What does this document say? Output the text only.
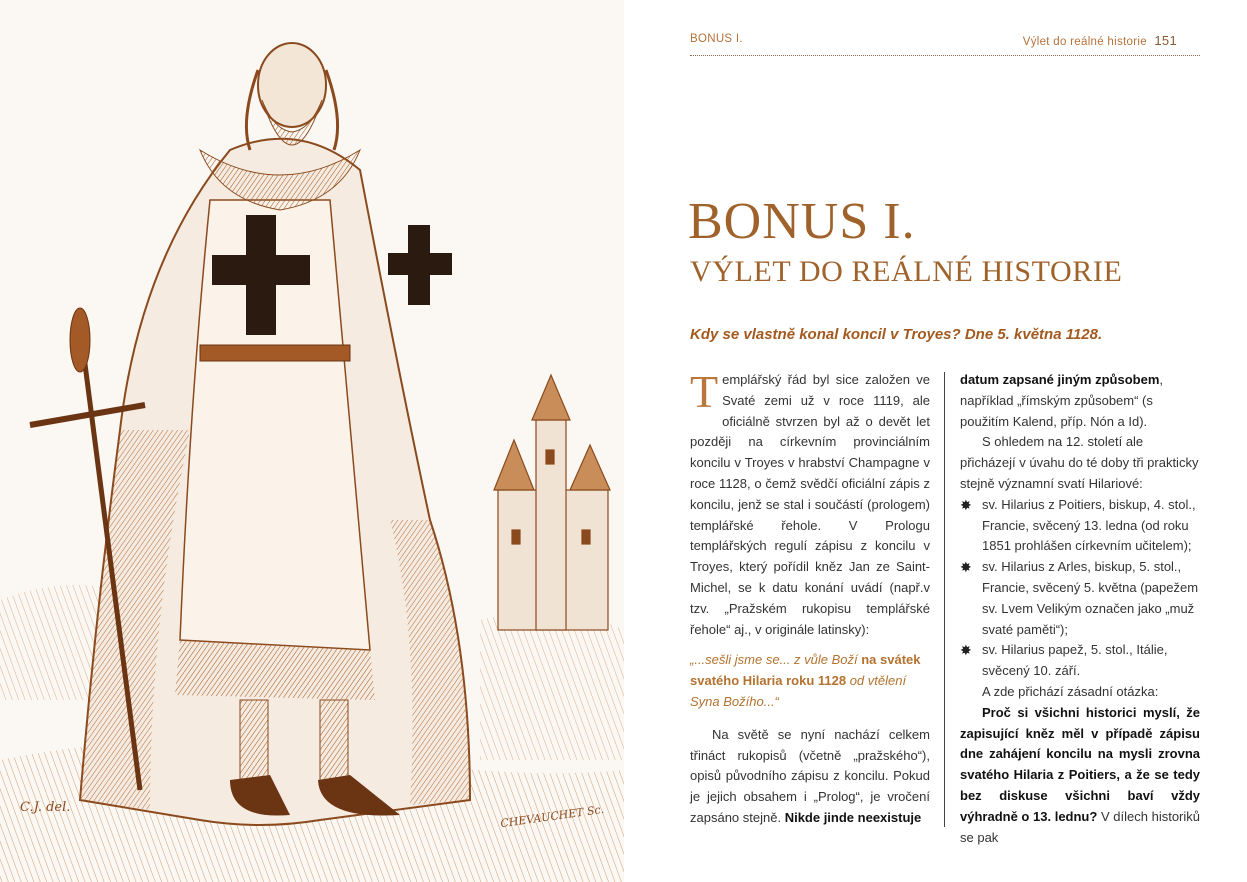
C.J. del.	CHEVAUCHET Sc.
BONUS I.	Výlet do reálné historie 151
BONUS I.
VÝLET DO REÁLNÉ HISTORIE
Kdy se vlastně konal koncil v Troyes? Dne 5. května 1128.

Templářský řád byl sice založen ve Svaté zemi už v roce 1119, ale oficiálně stvrzen byl až o devět let později na církevním provinciálním koncilu v Troyes v hrabství Champagne v roce 1128, o čemž svědčí oficiální zápis z koncilu, jenž se stal i součástí (prologem) templářské řehole. V Prologu templářských regulí zápisu z koncilu v Troyes, který pořídil kněz Jan ze Saint-Michel, se k datu konání uvádí (např.v tzv. „Pražském rukopisu templářské řehole“ aj., v originále latinsky):

„...sešli jsme se... z vůle Boží na svátek svatého Hilaria roku 1128 od vtělení Syna Božího...“

Na světě se nyní nachází celkem třináct rukopisů (včetně „pražského“), opisů původního zápisu z koncilu. Pokud je jejich obsahem i „Prolog“, je vročení zapsáno stejně. Nikde jinde neexistuje

datum zapsané jiným způsobem, například „římským způsobem“ (s použitím Kalend, příp. Nón a Id).

S ohledem na 12. století ale přicházejí v úvahu do té doby tři prakticky stejně významní svatí Hilariové:

✸ sv. Hilarius z Poitiers, biskup, 4. stol., Francie, svěcený 13. ledna (od roku 1851 prohlášen církevním učitelem);
✸ sv. Hilarius z Arles, biskup, 5. stol., Francie, svěcený 5. května (papežem sv. Lvem Velikým označen jako „muž svaté paměti“);
✸ sv. Hilarius papež, 5. stol., Itálie, svěcený 10. září.

A zde přichází zásadní otázka:

Proč si všichni historici myslí, že zapisující kněz měl v případě zápisu dne zahájení koncilu na mysli zrovna svatého Hilaria z Poitiers, a že se tedy bez diskuse všichni baví vždy výhradně o 13. lednu? V dílech historiků se pak
